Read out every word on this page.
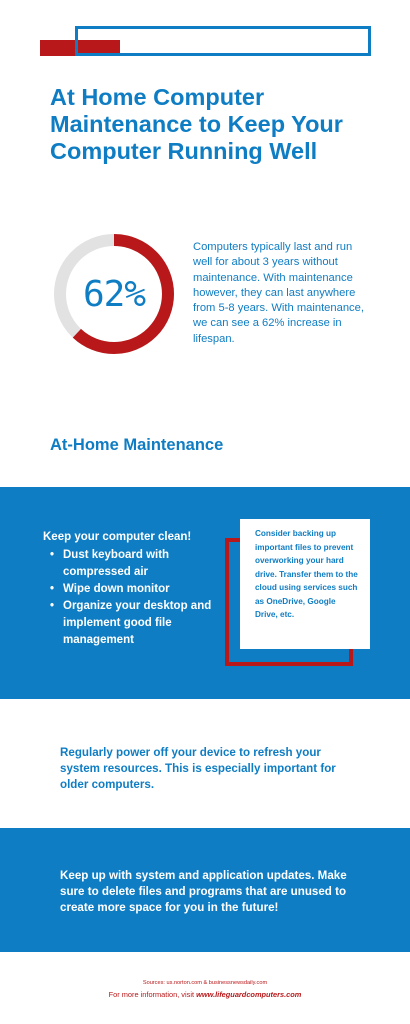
At Home Computer Maintenance to Keep Your Computer Running Well
62%

Computers typically last and run well for about 3 years without maintenance. With maintenance however, they can last anywhere from 5-8 years. With maintenance, we can see a 62% increase in lifespan.

At-Home Maintenance
Keep your computer clean!
• Dust keyboard with compressed air
• Wipe down monitor
• Organize your desktop and implement good file management

Consider backing up important files to prevent overworking your hard drive. Transfer them to the cloud using services such as OneDrive, Google Drive, etc.

Regularly power off your device to refresh your system resources. This is especially important for older computers.

Keep up with system and application updates. Make sure to delete files and programs that are unused to create more space for you in the future!

Sources: us.norton.com & businessnewsdaily.com
For more information, visit www.lifeguardcomputers.com
